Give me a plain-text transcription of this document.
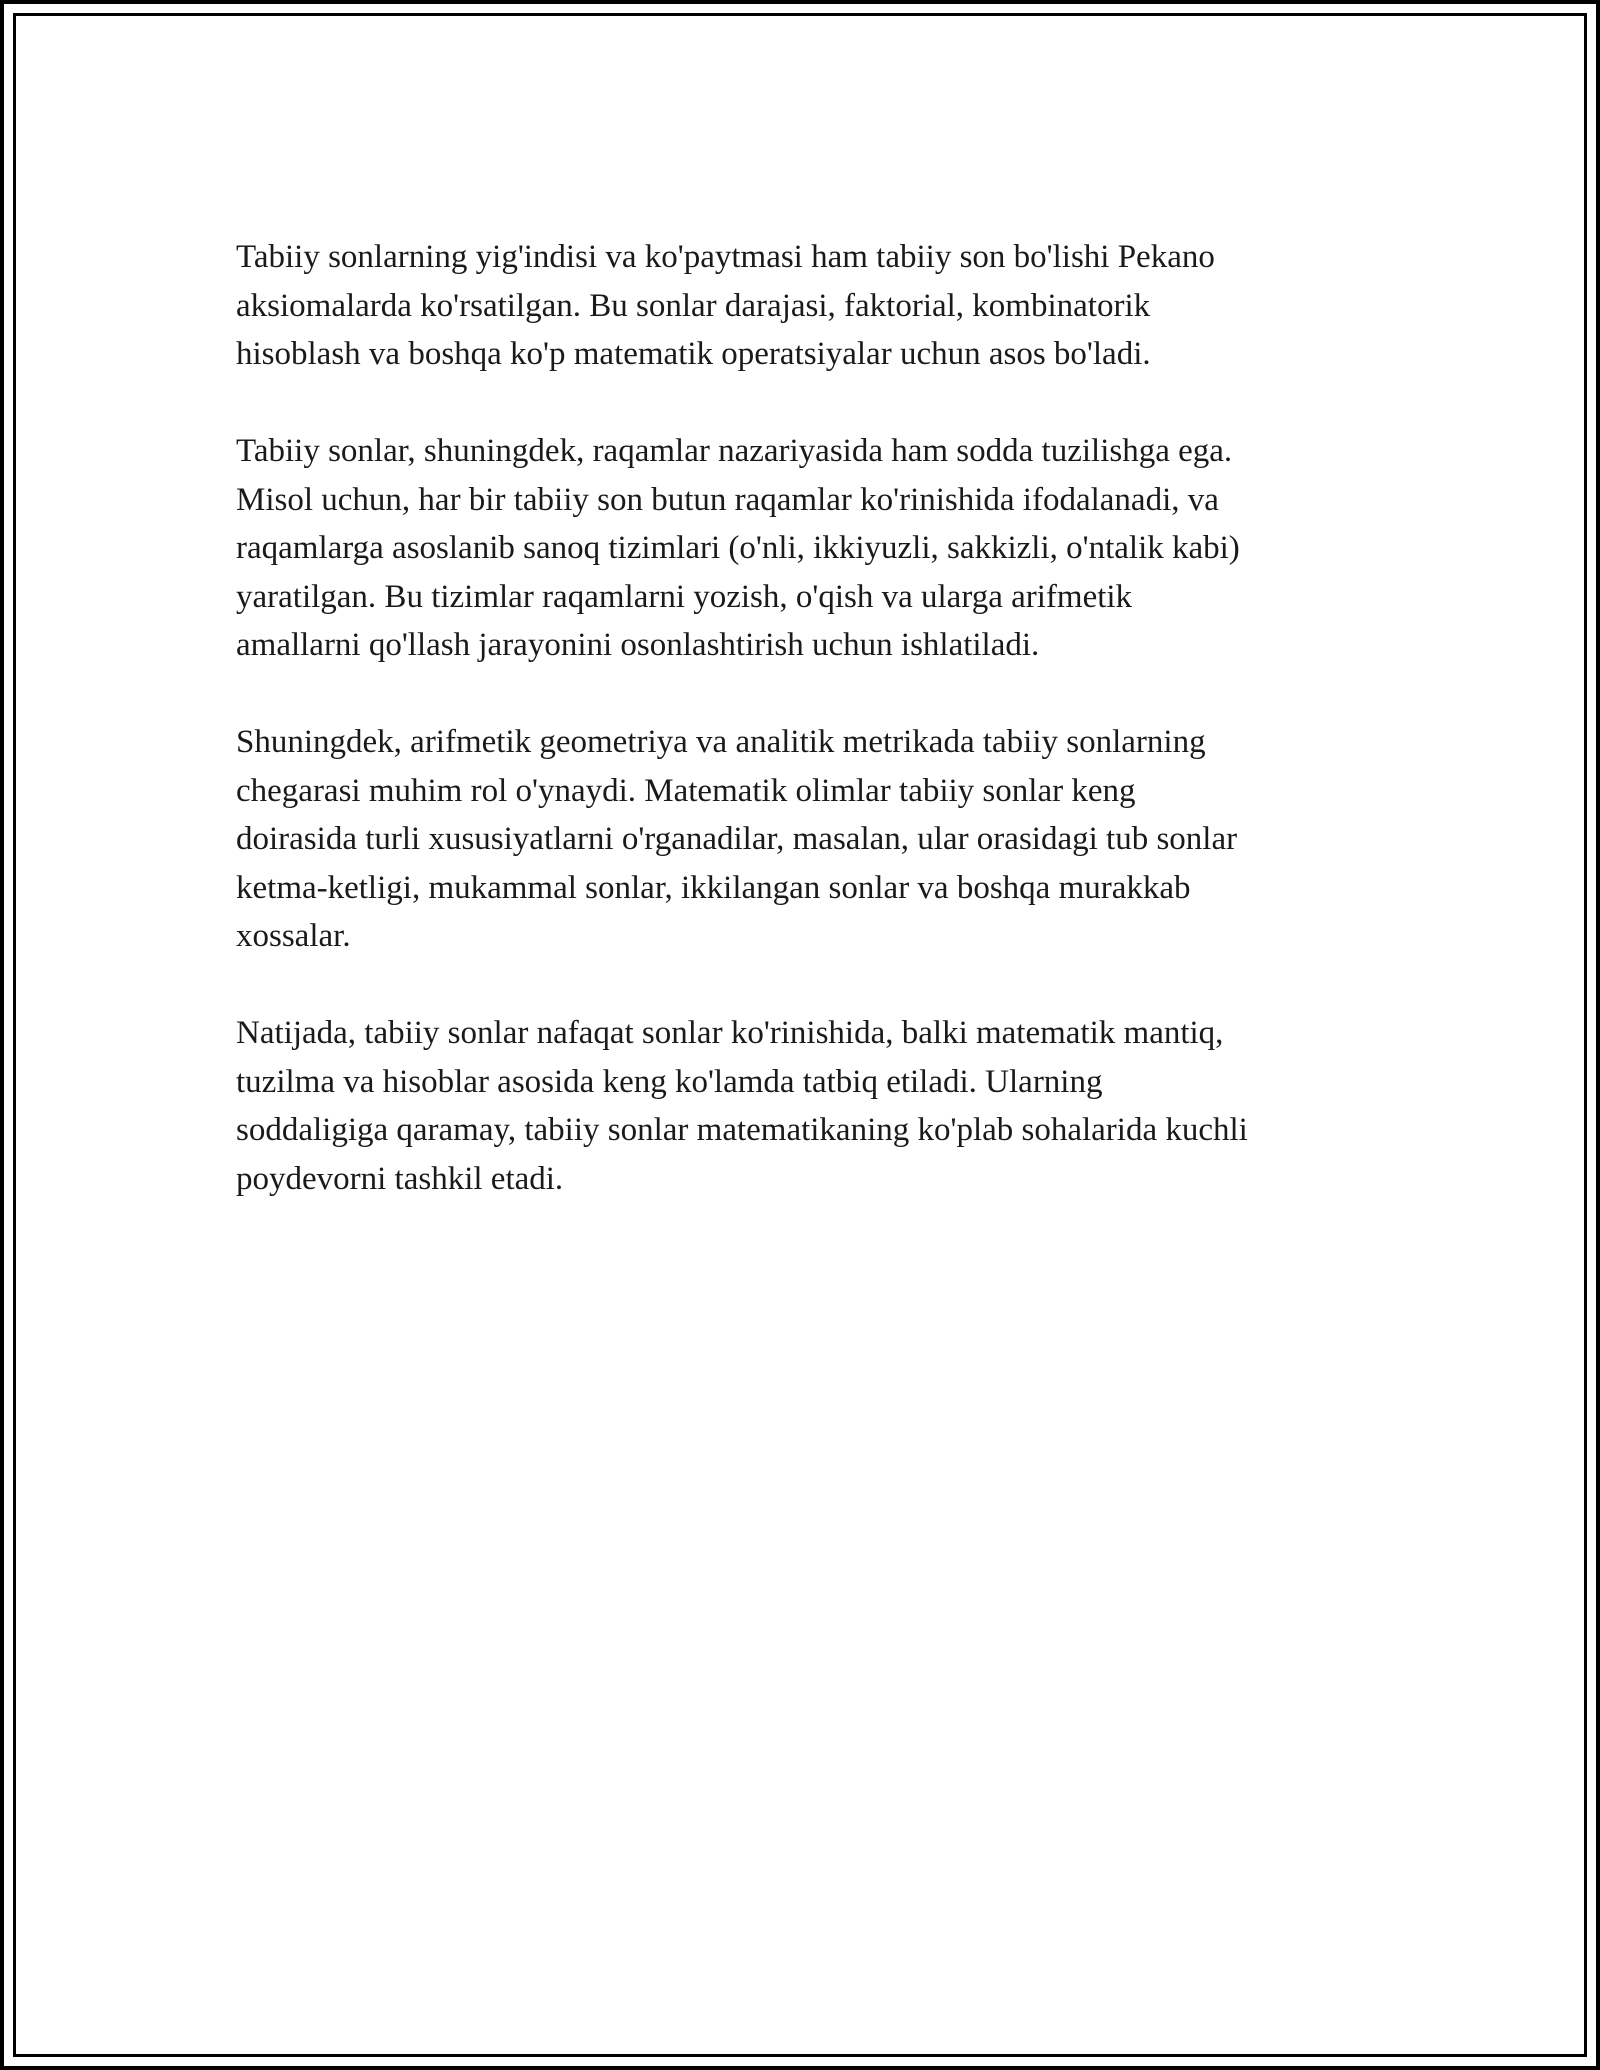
Tabiiy sonlarning yig'indisi va ko'paytmasi ham tabiiy son bo'lishi Pekano
aksiomalarda ko'rsatilgan. Bu sonlar darajasi, faktorial, kombinatorik
hisoblash va boshqa ko'p matematik operatsiyalar uchun asos bo'ladi.

Tabiiy sonlar, shuningdek, raqamlar nazariyasida ham sodda tuzilishga ega.
Misol uchun, har bir tabiiy son butun raqamlar ko'rinishida ifodalanadi, va
raqamlarga asoslanib sanoq tizimlari (o'nli, ikkiyuzli, sakkizli, o'ntalik kabi)
yaratilgan. Bu tizimlar raqamlarni yozish, o'qish va ularga arifmetik
amallarni qo'llash jarayonini osonlashtirish uchun ishlatiladi.

Shuningdek, arifmetik geometriya va analitik metrikada tabiiy sonlarning
chegarasi muhim rol o'ynaydi. Matematik olimlar tabiiy sonlar keng
doirasida turli xususiyatlarni o'rganadilar, masalan, ular orasidagi tub sonlar
ketma-ketligi, mukammal sonlar, ikkilangan sonlar va boshqa murakkab
xossalar.

Natijada, tabiiy sonlar nafaqat sonlar ko'rinishida, balki matematik mantiq,
tuzilma va hisoblar asosida keng ko'lamda tatbiq etiladi. Ularning
soddaligiga qaramay, tabiiy sonlar matematikaning ko'plab sohalarida kuchli
poydevorni tashkil etadi.
